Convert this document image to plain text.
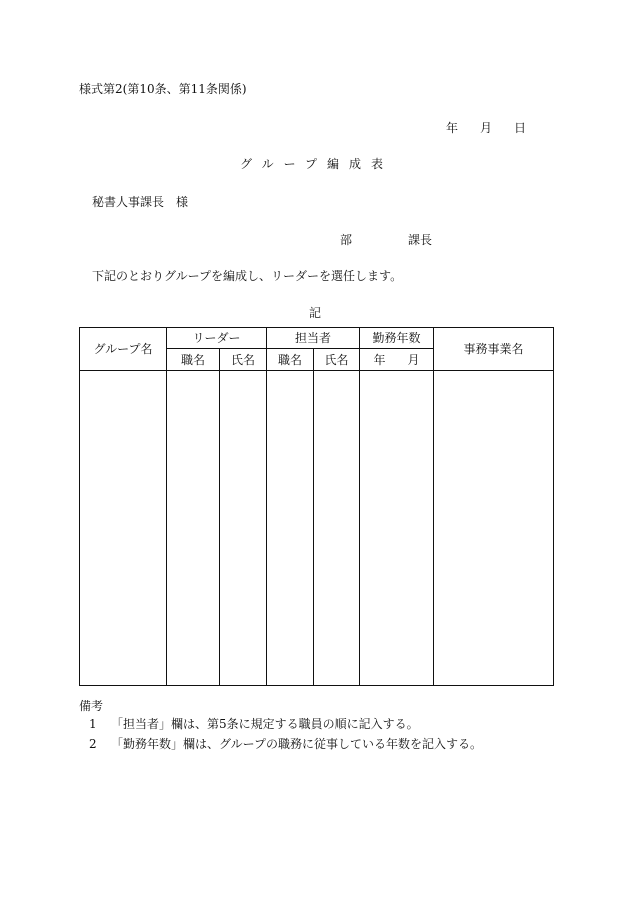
様式第2(第10条、第11条関係)
年 月 日
グループ編成表
秘書人事課長　様
部	課長
下記のとおりグループを編成し、リーダーを選任します。
記
グループ名	リーダー		担当者		勤務年数	事務事業名
	職名	氏名	職名	氏名	年 月	

備考
1 「担当者」欄は、第5条に規定する職員の順に記入する。
2 「勤務年数」欄は、グループの職務に従事している年数を記入する。
